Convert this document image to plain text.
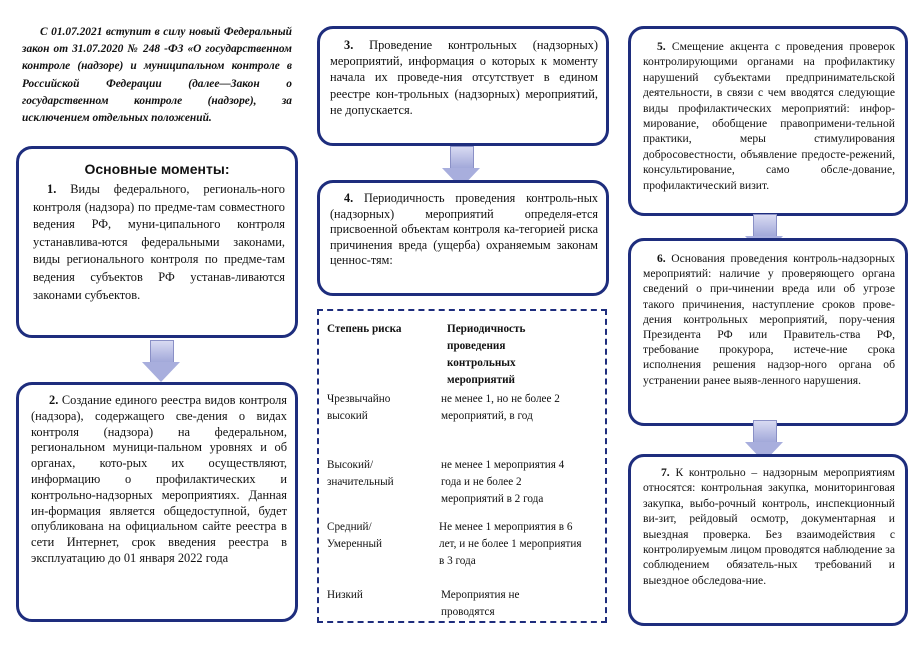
С 01.07.2021 вступит в силу новый Федеральный закон от 31.07.2020 № 248 -ФЗ «О государственном контроле (надзоре) и муниципальном контроле в Российской Федерации (далее—Закон о государственном контроле (надзоре), за исключением отдельных положений.
Основные моменты:
1. Виды федерального, региональ-ного контроля (надзора) по предме-там совместного ведения РФ, муни-ципального контроля устанавлива-ются федеральными законами, виды регионального контроля по предме-там ведения субъектов РФ устанав-ливаются законами субъектов.
2. Создание единого реестра видов контроля (надзора), содержащего све-дения о видах контроля (надзора) на федеральном, региональном муници-пальном уровнях и об органах, кото-рых их осуществляют, информацию о профилактических и контрольно-надзорных мероприятиях. Данная ин-формация является общедоступной, будет опубликована на официальном сайте реестра в сети Интернет, срок введения реестра в эксплуатацию до 01 января 2022 года
3. Проведение контрольных (надзорных) мероприятий, информация о которых к моменту начала их проведе-ния отсутствует в едином реестре кон-трольных (надзорных) мероприятий, не допускается.
4. Периодичность проведения контроль-ных (надзорных) мероприятий определя-ется присвоенной объектам контроля ка-тегорией риска причинения вреда (ущерба) охраняемым законам ценнос-тям:
Степень риска	Периодичность проведения контрольных мероприятий
Чрезвычайно высокий
не менее 1, но не более 2 мероприятий, в год
Высокий/ значительный
не менее 1 мероприятия 4 года и не более 2 мероприятий в 2 года
Средний/ Умеренный
Не менее 1 мероприятия в 6 лет, и не более 1 мероприятия в 3 года
Низкий	Мероприятия не проводятся
5. Смещение акцента с проведения проверок контролирующими органами на профилактику нарушений субъектами предпринимательской деятельности, в связи с чем вводятся следующие виды профилактических мероприятий: инфор-мирование, обобщение правопримени-тельной практики, меры стимулирования добросовестности, объявление предосте-режений, консультирование, само обсле-дование, профилактический визит.
6. Основания проведения контроль-надзорных мероприятий: наличие у проверяющего органа сведений о при-чинении вреда или об угрозе такого причинения, наступление сроков прове-дения контрольных мероприятий, пору-чения Президента РФ или Правитель-ства РФ, требование прокурора, истече-ние срока исполнения решения надзор-ного органа об устранении ранее выяв-ленного нарушения.
7. К контрольно – надзорным мероприятиям относятся: контрольная закупка, мониторинговая закупка, выбо-рочный контроль, инспекционный ви-зит, рейдовый осмотр, документарная и выездная проверка. Без взаимодействия с контролируемым лицом проводятся наблюдение за соблюдением обязатель-ных требований и выездное обследова-ние.
